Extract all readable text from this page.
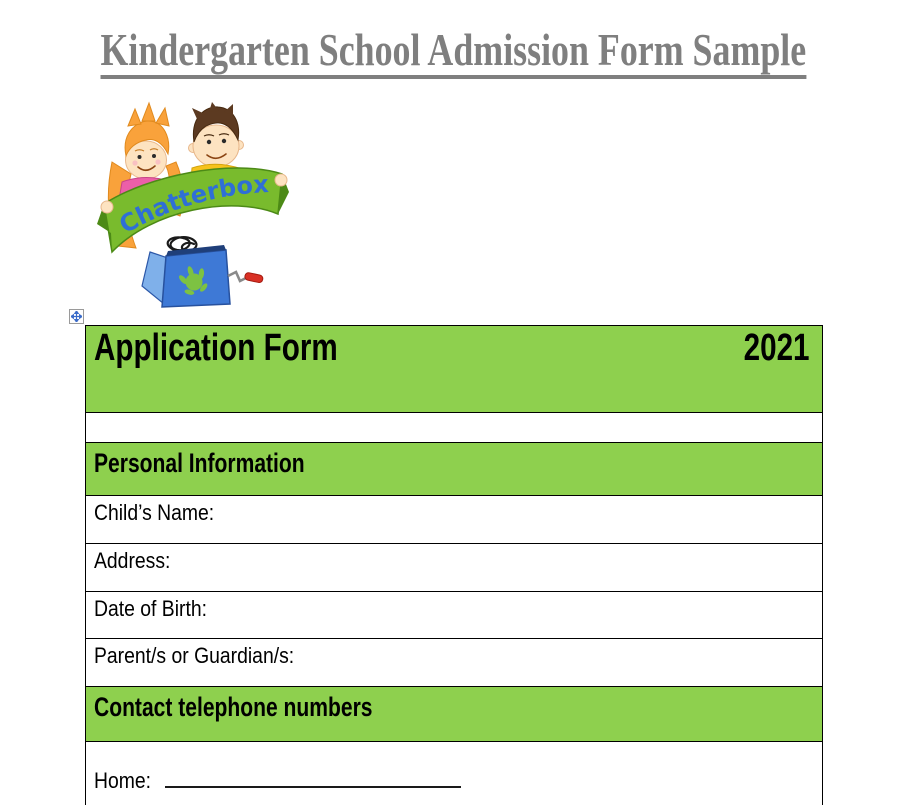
Kindergarten School Admission Form Sample
Chatterbox
Application Form	2021
Personal Information
Child’s Name:
Address:
Date of Birth:
Parent/s or Guardian/s:
Contact telephone numbers
Home:
